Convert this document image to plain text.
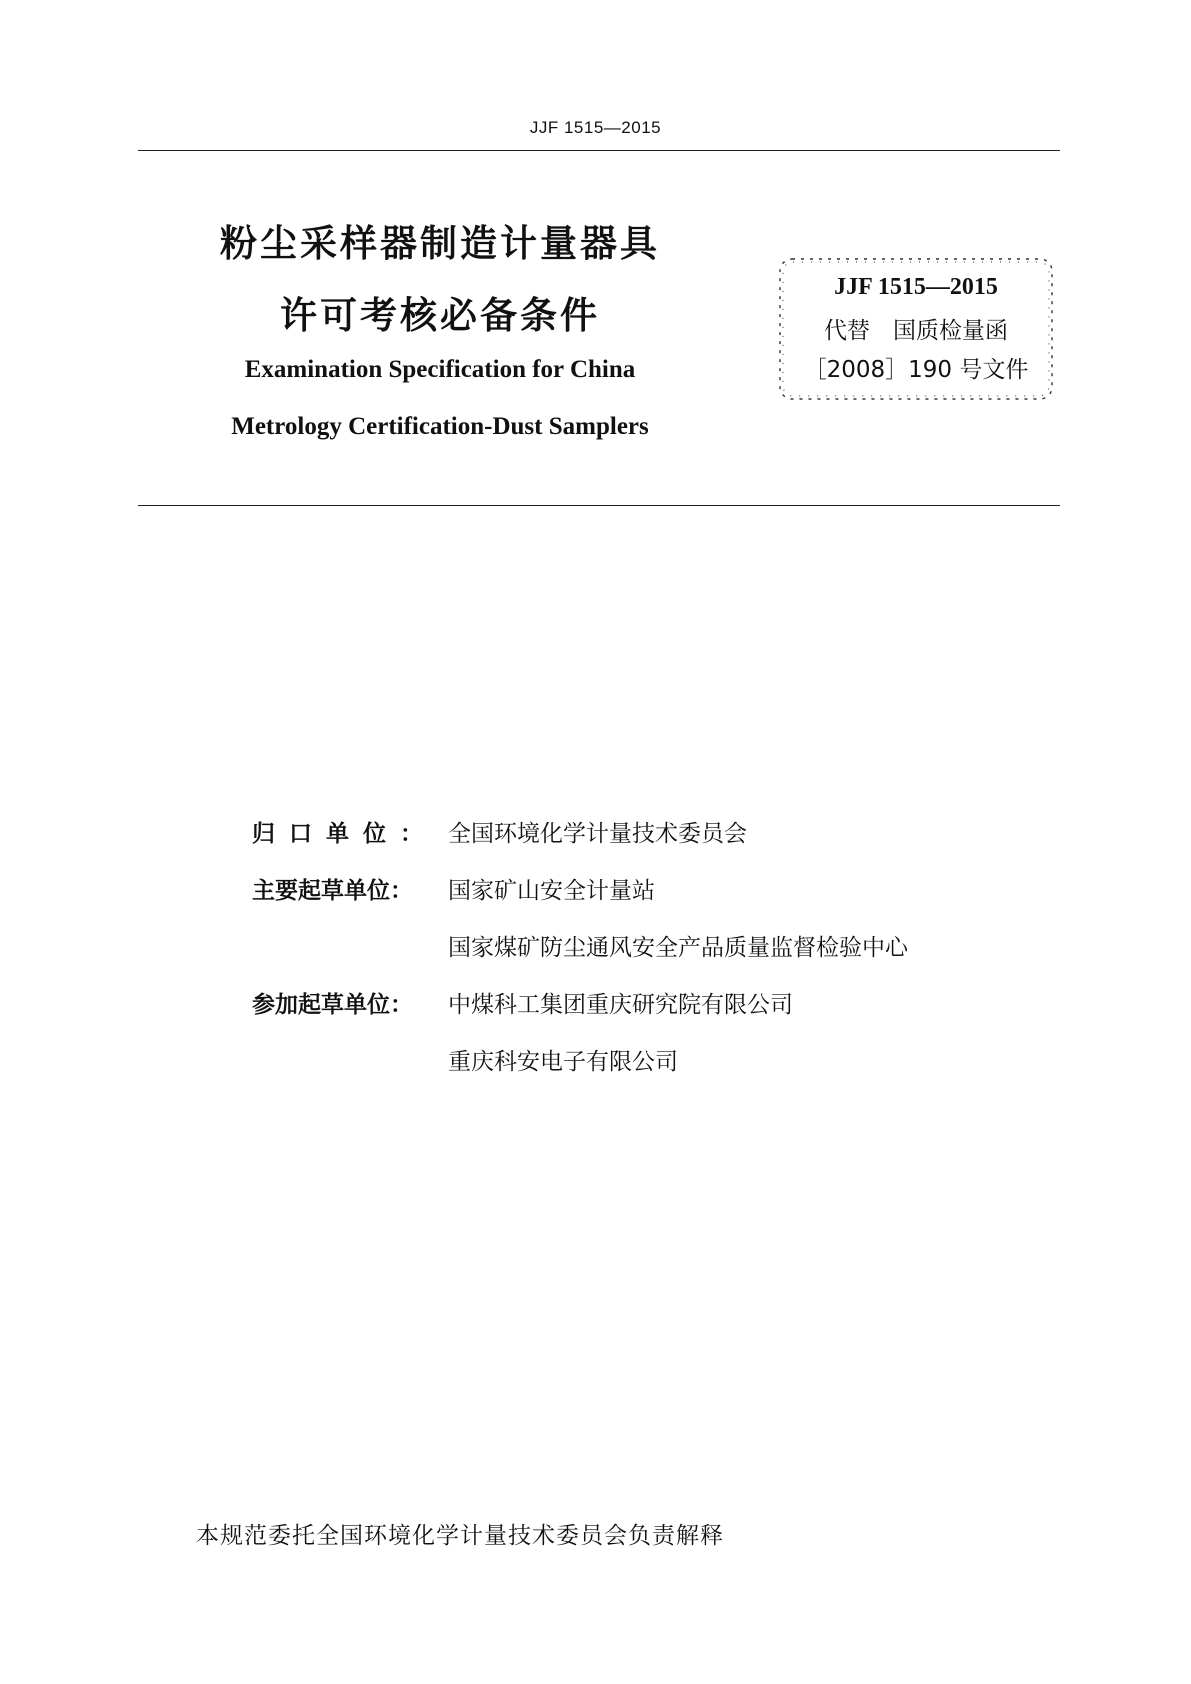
JJF 1515—2015
粉尘采样器制造计量器具
许可考核必备条件
Examination Specification for China
Metrology Certification-Dust Samplers
JJF 1515—2015
代替　国质检量函
［2008］190 号文件
归口单位： 全国环境化学计量技术委员会
主要起草单位：	国家矿山安全计量站
国家煤矿防尘通风安全产品质量监督检验中心
参加起草单位：	中煤科工集团重庆研究院有限公司
重庆科安电子有限公司
本规范委托全国环境化学计量技术委员会负责解释
